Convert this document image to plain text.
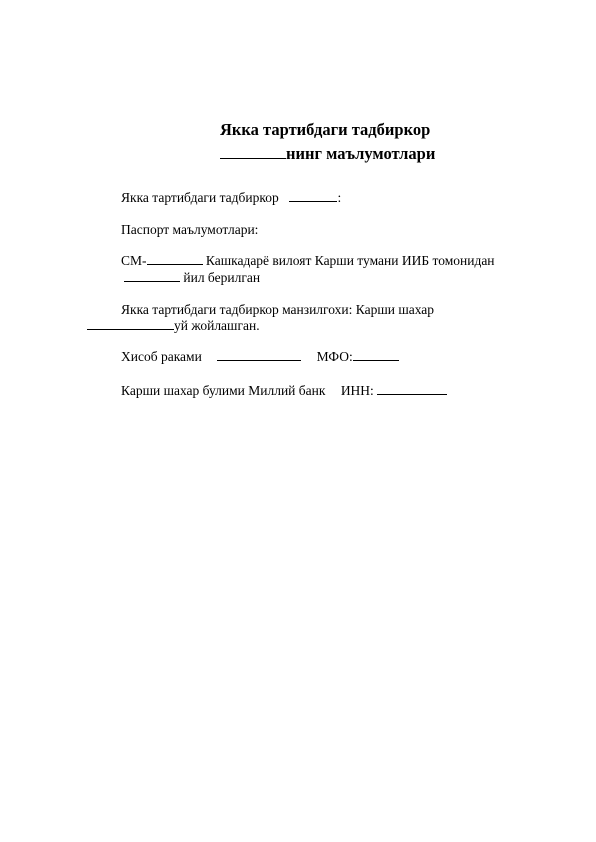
Якка тартибдаги тадбиркор
нинг маълумотлари
Якка тартибдаги тадбиркор	:
Паспорт маълумотлари:
СМ-	Кашкадарё вилоят Карши тумани ИИБ томонидан
йил берилган
Якка тартибдаги тадбиркор манзилгохи: Карши шахар
уй жойлашган.
Хисоб раками	МФО:
Карши шахар булими Миллий банк ИНН:
